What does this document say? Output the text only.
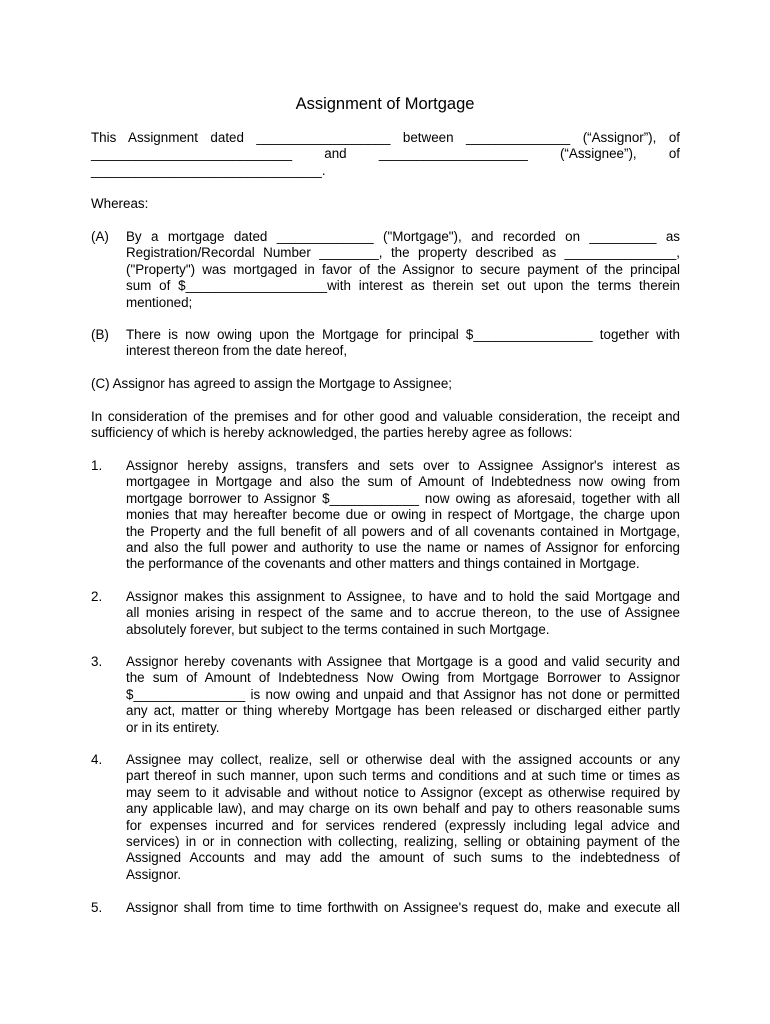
Assignment of Mortgage
This Assignment dated __________________ between ______________ (“Assignor”), of
___________________________ and ____________________ (“Assignee”), of
_______________________________.
Whereas:
(A) By a mortgage dated _____________ ("Mortgage"), and recorded on _________ as
Registration/Recordal Number ________, the property described as _______________,
("Property") was mortgaged in favor of the Assignor to secure payment of the principal
sum of $___________________with interest as therein set out upon the terms therein
mentioned;
(B) There is now owing upon the Mortgage for principal $________________ together with
interest thereon from the date hereof,
(C) Assignor has agreed to assign the Mortgage to Assignee;
In consideration of the premises and for other good and valuable consideration, the receipt and
sufficiency of which is hereby acknowledged, the parties hereby agree as follows:
1. Assignor hereby assigns, transfers and sets over to Assignee Assignor's interest as
mortgagee in Mortgage and also the sum of Amount of Indebtedness now owing from
mortgage borrower to Assignor $____________ now owing as aforesaid, together with all
monies that may hereafter become due or owing in respect of Mortgage, the charge upon
the Property and the full benefit of all powers and of all covenants contained in Mortgage,
and also the full power and authority to use the name or names of Assignor for enforcing
the performance of the covenants and other matters and things contained in Mortgage.
2. Assignor makes this assignment to Assignee, to have and to hold the said Mortgage and
all monies arising in respect of the same and to accrue thereon, to the use of Assignee
absolutely forever, but subject to the terms contained in such Mortgage.
3. Assignor hereby covenants with Assignee that Mortgage is a good and valid security and
the sum of Amount of Indebtedness Now Owing from Mortgage Borrower to Assignor
$_______________ is now owing and unpaid and that Assignor has not done or permitted
any act, matter or thing whereby Mortgage has been released or discharged either partly
or in its entirety.
4. Assignee may collect, realize, sell or otherwise deal with the assigned accounts or any
part thereof in such manner, upon such terms and conditions and at such time or times as
may seem to it advisable and without notice to Assignor (except as otherwise required by
any applicable law), and may charge on its own behalf and pay to others reasonable sums
for expenses incurred and for services rendered (expressly including legal advice and
services) in or in connection with collecting, realizing, selling or obtaining payment of the
Assigned Accounts and may add the amount of such sums to the indebtedness of
Assignor.
5. Assignor shall from time to time forthwith on Assignee's request do, make and execute all
